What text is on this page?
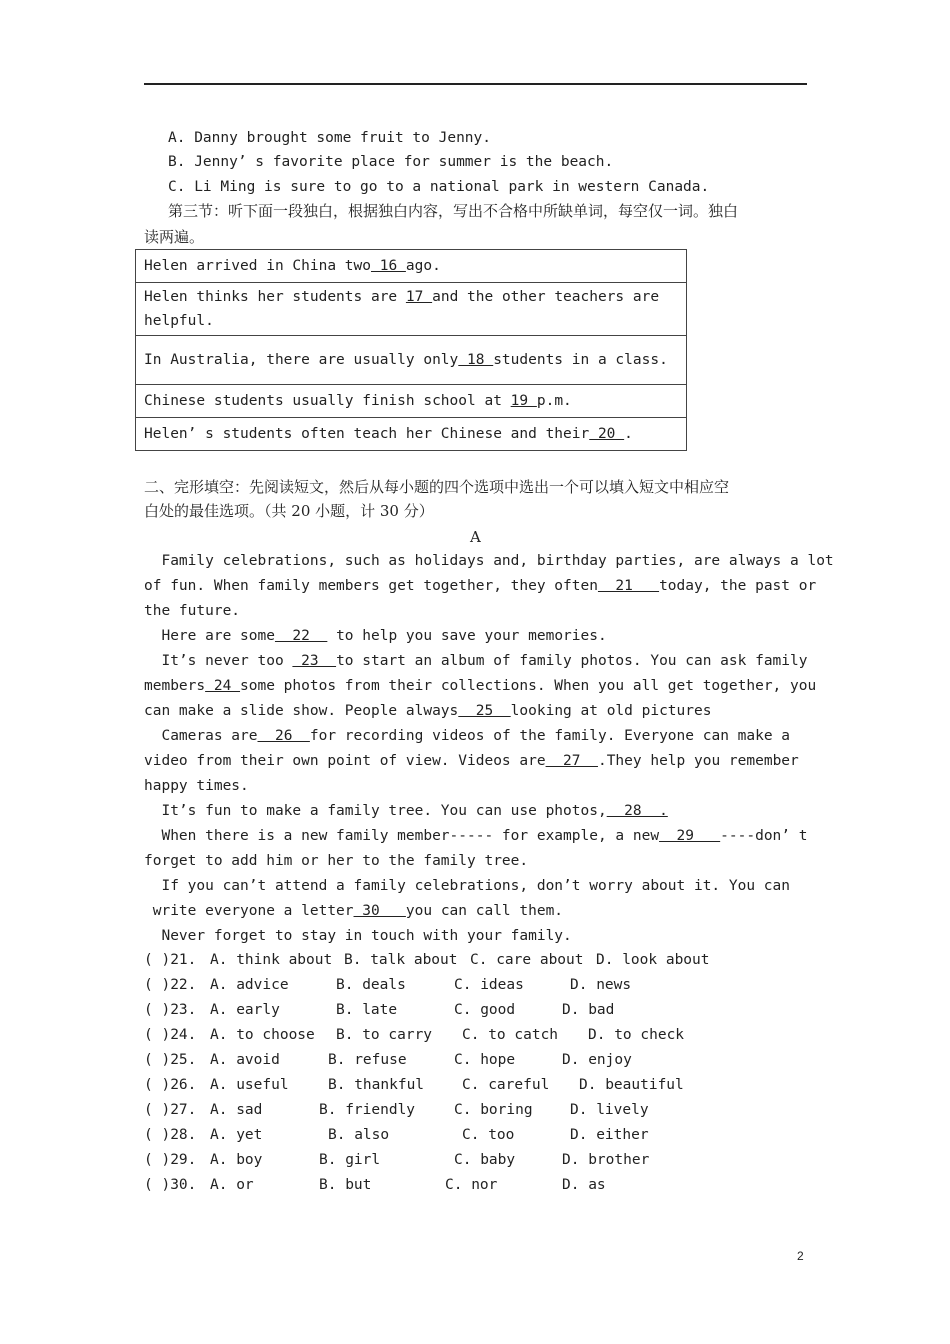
A. Danny brought some fruit to Jenny.
B. Jenny’ s favorite place for summer is the beach.
C. Li Ming is sure to go to a national park in western Canada.
第三节：听下面一段独白，根据独白内容，写出不合格中所缺单词，每空仅一词。独白
读两遍。
Helen arrived in China two 16 ago.
Helen thinks her students are 17 and the other teachers are helpful.
In Australia, there are usually only 18 students in a class.
Chinese students usually finish school at 19 p.m.
Helen’ s students often teach her Chinese and their 20 .
二、完形填空：先阅读短文，然后从每小题的四个选项中选出一个可以填入短文中相应空
白处的最佳选项。（共 20 小题，计 30 分）
A
Family celebrations, such as holidays and, birthday parties, are always a lot
of fun. When family members get together, they often  21   today, the past or
the future.
Here are some  22   to help you save your memories.
It’s never too  23  to start an album of family photos. You can ask family
members 24 some photos from their collections. When you all get together, you
can make a slide show. People always  25  looking at old pictures
Cameras are  26  for recording videos of the family. Everyone can make a
video from their own point of view. Videos are  27  .They help you remember
happy times.
It’s fun to make a family tree. You can use photos,  28  .
When there is a new family member----- for example, a new  29   ----don’ t
forget to add him or her to the family tree.
If you can’t attend a family celebrations, don’t worry about it. You can
write everyone a letter 30   you can call them.
Never forget to stay in touch with your family.

( )21. A. think about B. talk about C. care about D. look about

( )22. A. advice	B. deals	C. ideas	D. news

( )23. A. early	B. late	C. good	D. bad

( )24. A. to choose B. to carry C. to catch D. to check

( )25. A. avoid	B. refuse	C. hope	D. enjoy

( )26. A. useful	B. thankful	C. careful D. beautiful

( )27. A. sad	B. friendly	C. boring	D. lively

( )28. A. yet	B. also	C. too	D. either

( )29. A. boy	B. girl	C. baby	D. brother

( )30. A. or	B. but	C. nor	D. as

2
